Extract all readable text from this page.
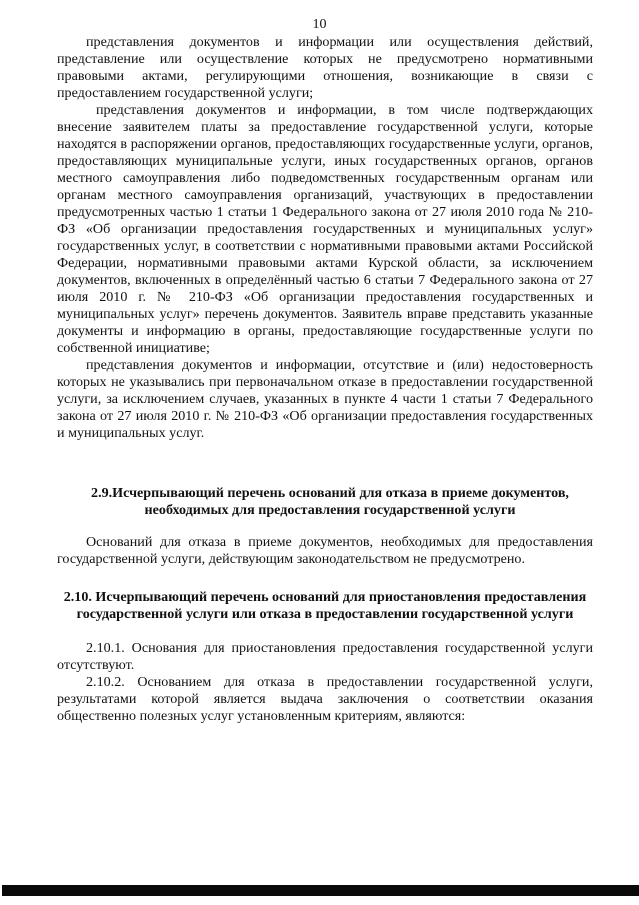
10

представления документов и информации или осуществления действий, представление или осуществление которых не предусмотрено нормативными правовыми актами, регулирующими отношения, возникающие в связи с предоставлением государственной услуги;

представления документов и информации, в том числе подтверждающих внесение заявителем платы за предоставление государственной услуги, которые находятся в распоряжении органов, предоставляющих государственные услуги, органов, предоставляющих муниципальные услуги, иных государственных органов, органов местного самоуправления либо подведомственных государственным органам или органам местного самоуправления организаций, участвующих в предоставлении предусмотренных частью 1 статьи 1 Федерального закона от 27 июля 2010 года № 210-ФЗ «Об организации предоставления государственных и муниципальных услуг» государственных услуг, в соответствии с нормативными правовыми актами Российской Федерации, нормативными правовыми актами Курской области, за исключением документов, включенных в определённый частью 6 статьи 7 Федерального закона от 27 июля 2010 г. № 210-ФЗ «Об организации предоставления государственных и муниципальных услуг» перечень документов. Заявитель вправе представить указанные документы и информацию в органы, предоставляющие государственные услуги по собственной инициативе;

представления документов и информации, отсутствие и (или) недостоверность которых не указывались при первоначальном отказе в предоставлении государственной услуги, за исключением случаев, указанных в пункте 4 части 1 статьи 7 Федерального закона от 27 июля 2010 г. № 210-ФЗ «Об организации предоставления государственных и муниципальных услуг.

2.9.Исчерпывающий перечень оснований для отказа в приеме документов, необходимых для предоставления государственной услуги

Оснований для отказа в приеме документов, необходимых для предоставления государственной услуги, действующим законодательством не предусмотрено.

2.10. Исчерпывающий перечень оснований для приостановления предоставления государственной услуги или отказа в предоставлении государственной услуги

2.10.1. Основания для приостановления предоставления государственной услуги отсутствуют.

2.10.2. Основанием для отказа в предоставлении государственной услуги, результатами которой является выдача заключения о соответствии оказания общественно полезных услуг установленным критериям, являются:
